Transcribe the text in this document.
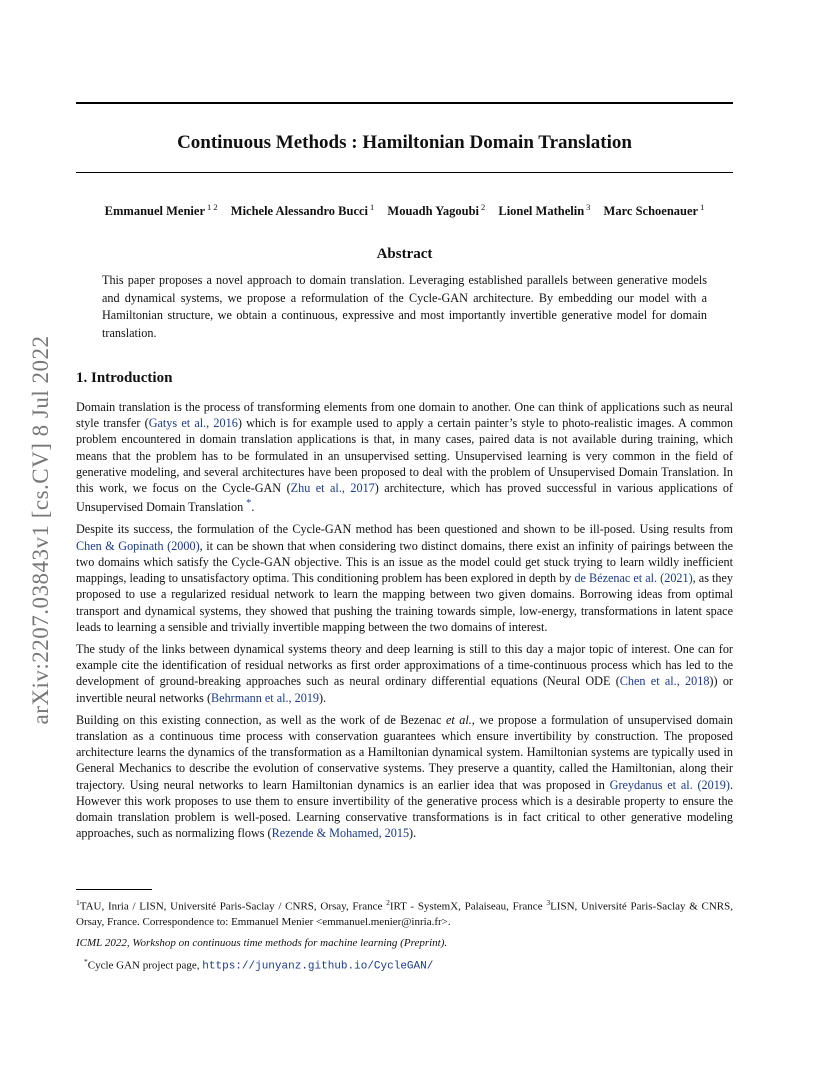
arXiv:2207.03843v1 [cs.CV] 8 Jul 2022
Continuous Methods : Hamiltonian Domain Translation
Emmanuel Menier $^{1 2}$ Michele Alessandro Bucci $^1$ Mouadh Yagoubi $^2$ Lionel Mathelin $^3$ Marc Schoenauer $^1$
Abstract

This paper proposes a novel approach to domain translation. Leveraging established parallels between generative models and dynamical systems, we propose a reformulation of the Cycle-GAN architecture. By embedding our model with a Hamiltonian structure, we obtain a continuous, expressive and most importantly invertible generative model for domain translation.

1. Introduction

Domain translation is the process of transforming elements from one domain to another. One can think of applications such as neural style transfer (Gatys et al., 2016) which is for example used to apply a certain painter’s style to photo-realistic images. A common problem encountered in domain translation applications is that, in many cases, paired data is not available during training, which means that the problem has to be formulated in an unsupervised setting. Unsupervised learning is very common in the field of generative modeling, and several architectures have been proposed to deal with the problem of Unsupervised Domain Translation. In this work, we focus on the Cycle-GAN (Zhu et al., 2017) architecture, which has proved successful in various applications of Unsupervised Domain Translation *.

Despite its success, the formulation of the Cycle-GAN method has been questioned and shown to be ill-posed. Using results from Chen & Gopinath (2000), it can be shown that when considering two distinct domains, there exist an infinity of pairings between the two domains which satisfy the Cycle-GAN objective. This is an issue as the model could get stuck trying to learn wildly inefficient mappings, leading to unsatisfactory optima. This conditioning problem has been explored in depth by de Bézenac et al. (2021), as they proposed to use a regularized residual network to learn the mapping between two given domains. Borrowing ideas from optimal transport and dynamical systems, they showed that pushing the training towards simple, low-energy, transformations in latent space leads to learning a sensible and trivially invertible mapping between the two domains of interest.

The study of the links between dynamical systems theory and deep learning is still to this day a major topic of interest. One can for example cite the identification of residual networks as first order approximations of a time-continuous process which has led to the development of ground-breaking approaches such as neural ordinary differential equations (Neural ODE (Chen et al., 2018)) or invertible neural networks (Behrmann et al., 2019).

Building on this existing connection, as well as the work of de Bezenac et al., we propose a formulation of unsupervised domain translation as a continuous time process with conservation guarantees which ensure invertibility by construction. The proposed architecture learns the dynamics of the transformation as a Hamiltonian dynamical system. Hamiltonian systems are typically used in General Mechanics to describe the evolution of conservative systems. They preserve a quantity, called the Hamiltonian, along their trajectory. Using neural networks to learn Hamiltonian dynamics is an earlier idea that was proposed in Greydanus et al. (2019). However this work proposes to use them to ensure invertibility of the generative process which is a desirable property to ensure the domain translation problem is well-posed. Learning conservative transformations is in fact critical to other generative modeling approaches, such as normalizing flows (Rezende & Mohamed, 2015).

$^1$TAU, Inria / LISN, Université Paris-Saclay / CNRS, Orsay, France $^2$IRT - SystemX, Palaiseau, France $^3$LISN, Université Paris-Saclay & CNRS, Orsay, France. Correspondence to: Emmanuel Menier <emmanuel.menier@inria.fr>.

ICML 2022, Workshop on continuous time methods for machine learning (Preprint).

*Cycle GAN project page, https://junyanz.github.io/CycleGAN/
